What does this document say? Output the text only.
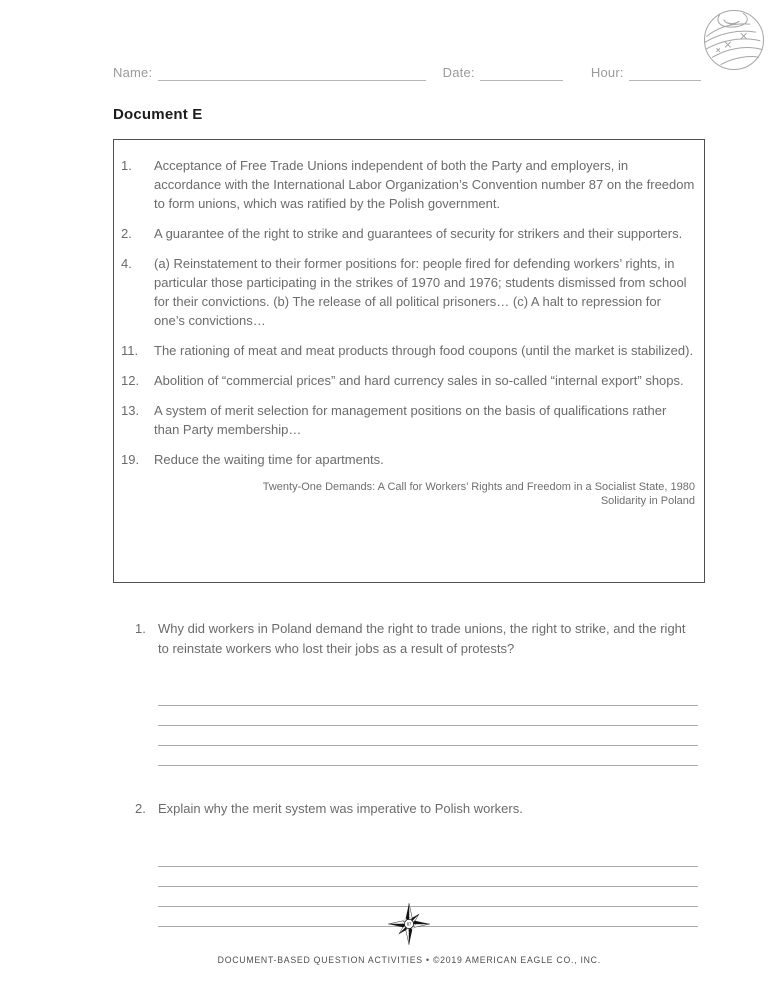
Name:	Date:	Hour:
Document E
1.	Acceptance of Free Trade Unions independent of both the Party and employers, in accordance with the International Labor Organization’s Convention number 87 on the freedom to form unions, which was ratified by the Polish government.
2.	A guarantee of the right to strike and guarantees of security for strikers and their supporters.
4.	(a) Reinstatement to their former positions for: people fired for defending workers’ rights, in particular those participating in the strikes of 1970 and 1976; students dismissed from school for their convictions. (b) The release of all political prisoners… (c) A halt to repression for one’s convictions…
11.	The rationing of meat and meat products through food coupons (until the market is stabilized).
12.	Abolition of “commercial prices” and hard currency sales in so-called “internal export” shops.
13.	A system of merit selection for management positions on the basis of qualifications rather than Party membership…
19.	Reduce the waiting time for apartments.
Twenty-One Demands: A Call for Workers’ Rights and Freedom in a Socialist State, 1980
Solidarity in Poland
1. Why did workers in Poland demand the right to trade unions, the right to strike, and the right to reinstate workers who lost their jobs as a result of protests?
2. Explain why the merit system was imperative to Polish workers.
87
DOCUMENT-BASED QUESTION ACTIVITIES • ©2019 AMERICAN EAGLE CO., INC.
